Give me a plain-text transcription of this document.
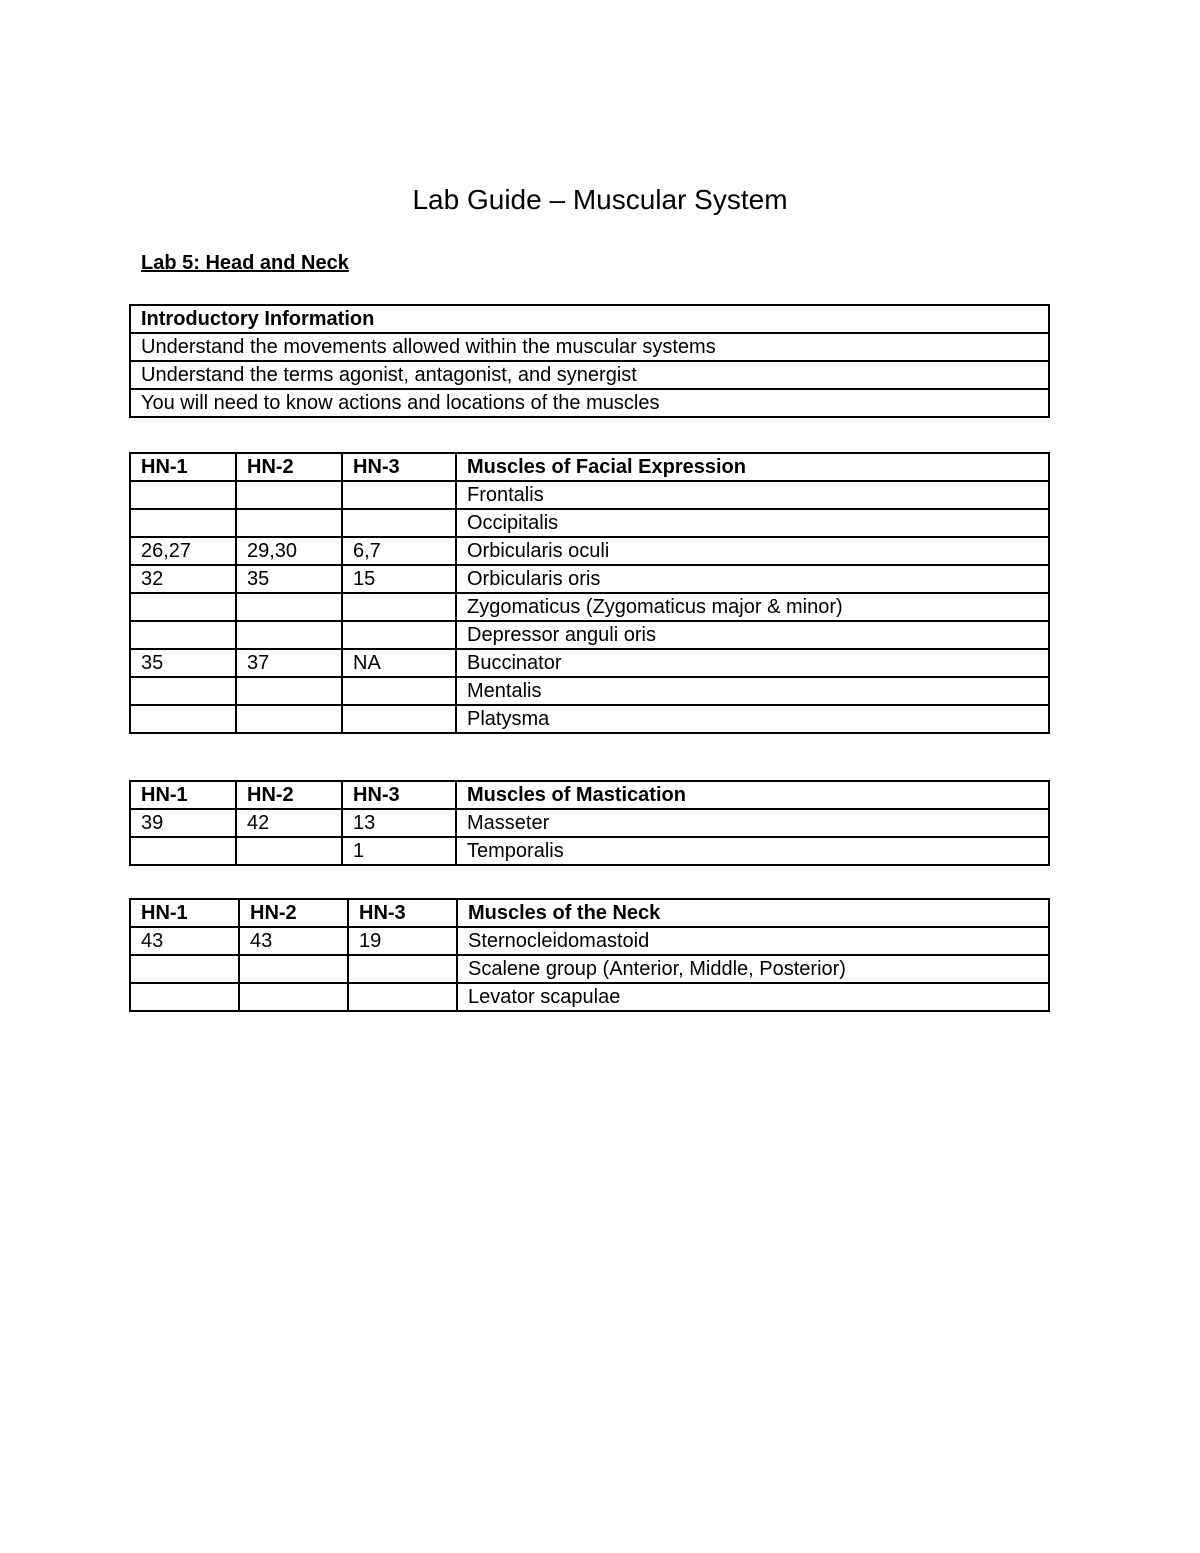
Lab Guide – Muscular System
Lab 5: Head and Neck
Introductory Information
Understand the movements allowed within the muscular systems
Understand the terms agonist, antagonist, and synergist
You will need to know actions and locations of the muscles
HN-1	HN-2	HN-3	Muscles of Facial Expression
			Frontalis
			Occipitalis
26,27	29,30	6,7	Orbicularis oculi
32	35	15	Orbicularis oris
			Zygomaticus (Zygomaticus major & minor)
			Depressor anguli oris
35	37	NA	Buccinator
			Mentalis
			Platysma
HN-1	HN-2	HN-3	Muscles of Mastication
39	42	13	Masseter
		1	Temporalis
HN-1	HN-2	HN-3	Muscles of the Neck
43	43	19	Sternocleidomastoid
			Scalene group (Anterior, Middle, Posterior)
			Levator scapulae
